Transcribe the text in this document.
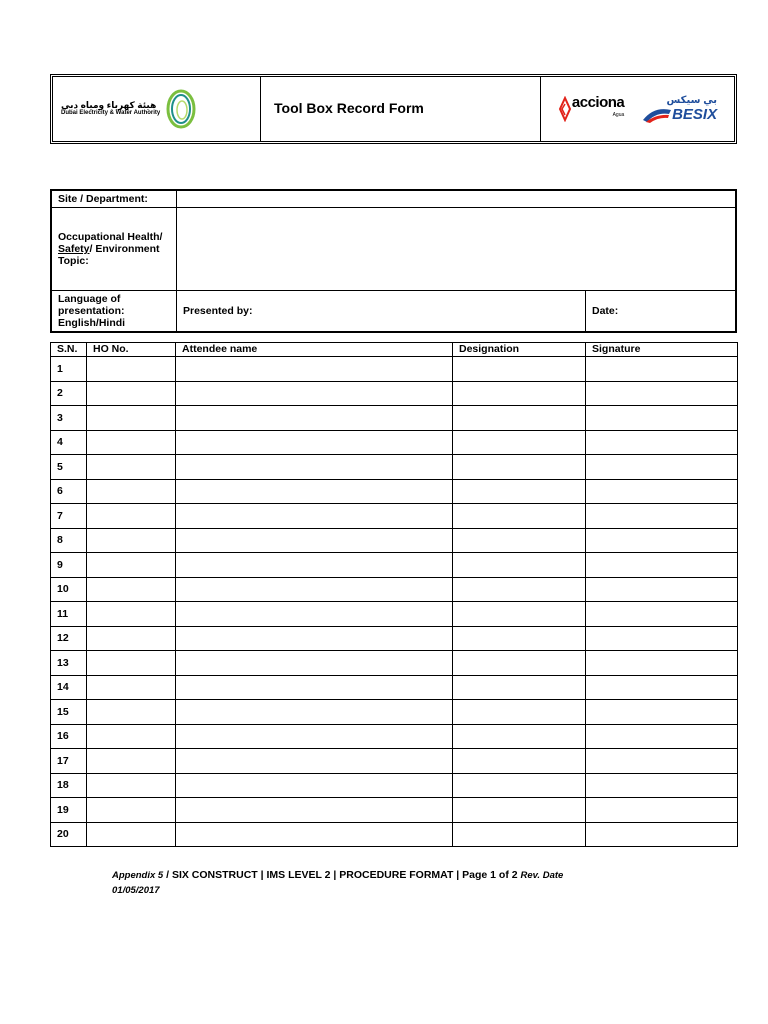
هيئة كهرباء ومياه دبي
Dubai Electricity & Water Authority	Tool Box Record Form	acciona
Agua
بي سيكس
BESIX
Site / Department:		
Occupational Health/ Safety/ Environment Topic:		
Language of presentation: English/Hindi	Presented by:	Date:
S.N.	HO No.	Attendee name	Designation	Signature
1				
2				
3				
4				
5				
6				
7				
8				
9				
10				
11				
12				
13				
14				
15				
16				
17				
18				
19				
20				
Appendix 5 / SIX CONSTRUCT | IMS LEVEL 2 | PROCEDURE FORMAT | Page 1 of 2 Rev. Date
01/05/2017
